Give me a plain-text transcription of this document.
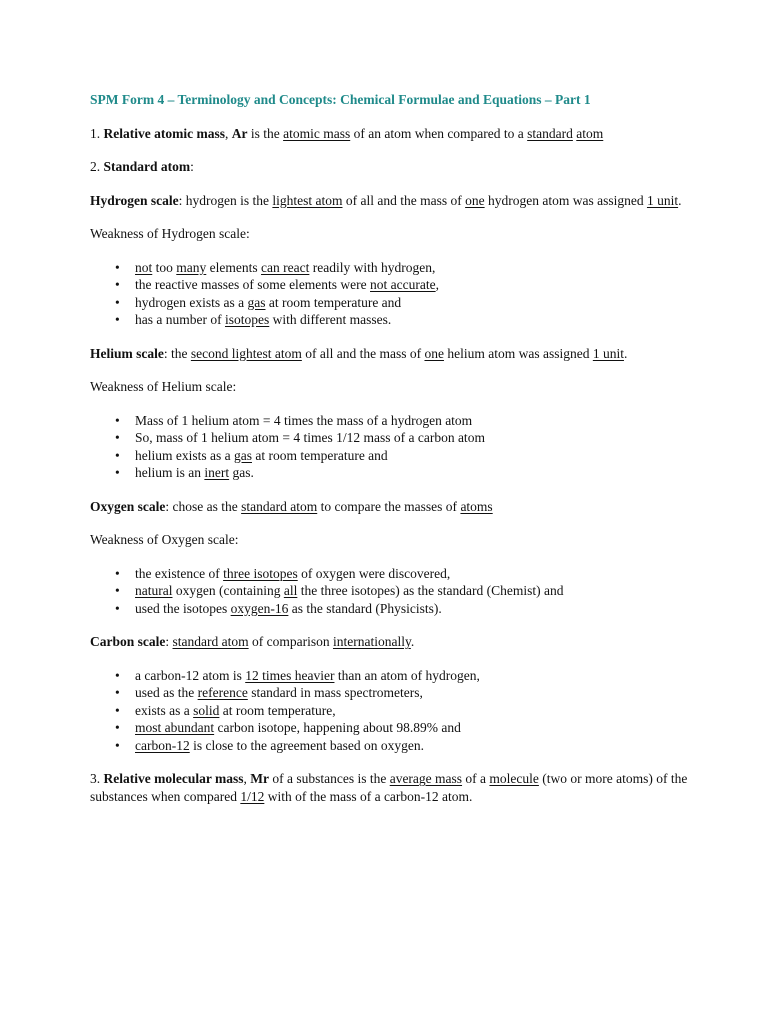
SPM Form 4 – Terminology and Concepts: Chemical Formulae and Equations – Part 1

1. Relative atomic mass, Ar is the atomic mass of an atom when compared to a standard atom

2. Standard atom:

Hydrogen scale: hydrogen is the lightest atom of all and the mass of one hydrogen atom was assigned 1 unit.

Weakness of Hydrogen scale:

• not too many elements can react readily with hydrogen,
• the reactive masses of some elements were not accurate,
• hydrogen exists as a gas at room temperature and
• has a number of isotopes with different masses.

Helium scale: the second lightest atom of all and the mass of one helium atom was assigned 1 unit.

Weakness of Helium scale:

• Mass of 1 helium atom = 4 times the mass of a hydrogen atom
• So, mass of 1 helium atom = 4 times 1/12 mass of a carbon atom
• helium exists as a gas at room temperature and
• helium is an inert gas.

Oxygen scale: chose as the standard atom to compare the masses of atoms

Weakness of Oxygen scale:

• the existence of three isotopes of oxygen were discovered,
• natural oxygen (containing all the three isotopes) as the standard (Chemist) and
• used the isotopes oxygen-16 as the standard (Physicists).

Carbon scale: standard atom of comparison internationally.

• a carbon-12 atom is 12 times heavier than an atom of hydrogen,
• used as the reference standard in mass spectrometers,
• exists as a solid at room temperature,
• most abundant carbon isotope, happening about 98.89% and
• carbon-12 is close to the agreement based on oxygen.

3. Relative molecular mass, Mr of a substances is the average mass of a molecule (two or more atoms) of the substances when compared 1/12 with of the mass of a carbon-12 atom.
